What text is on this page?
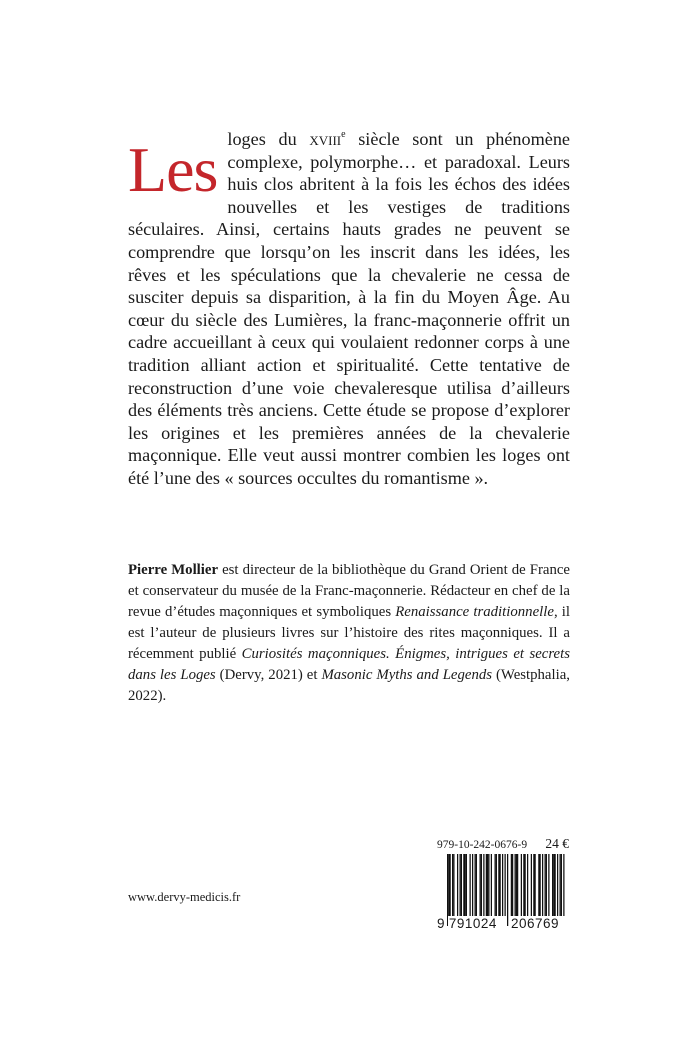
Les loges du xviii$^e$ siècle sont un phénomène complexe, polymorphe… et paradoxal. Leurs huis clos abritent à la fois les échos des idées nouvelles et les vestiges de traditions séculaires. Ainsi, certains hauts grades ne peuvent se comprendre que lorsqu’on les inscrit dans les idées, les rêves et les spéculations que la chevalerie ne cessa de susciter depuis sa disparition, à la fin du Moyen Âge. Au cœur du siècle des Lumières, la franc-maçonnerie offrit un cadre accueillant à ceux qui voulaient redonner corps à une tradition alliant action et spiritualité. Cette tentative de reconstruction d’une voie chevaleresque utilisa d’ailleurs des éléments très anciens. Cette étude se propose d’explorer les origines et les premières années de la chevalerie maçonnique. Elle veut aussi montrer combien les loges ont été l’une des « sources occultes du romantisme ».
Pierre Mollier est directeur de la bibliothèque du Grand Orient de France et conservateur du musée de la Franc-maçonnerie. Rédacteur en chef de la revue d’études maçonniques et symboliques Renaissance traditionnelle, il est l’auteur de plusieurs livres sur l’histoire des rites maçonniques. Il a récemment publié Curiosités maçonniques. Énigmes, intrigues et secrets dans les Loges (Dervy, 2021) et Masonic Myths and Legends (Westphalia, 2022).
www.dervy-medicis.fr
979-10-242-0676-9 24 €
9 791024	206769
